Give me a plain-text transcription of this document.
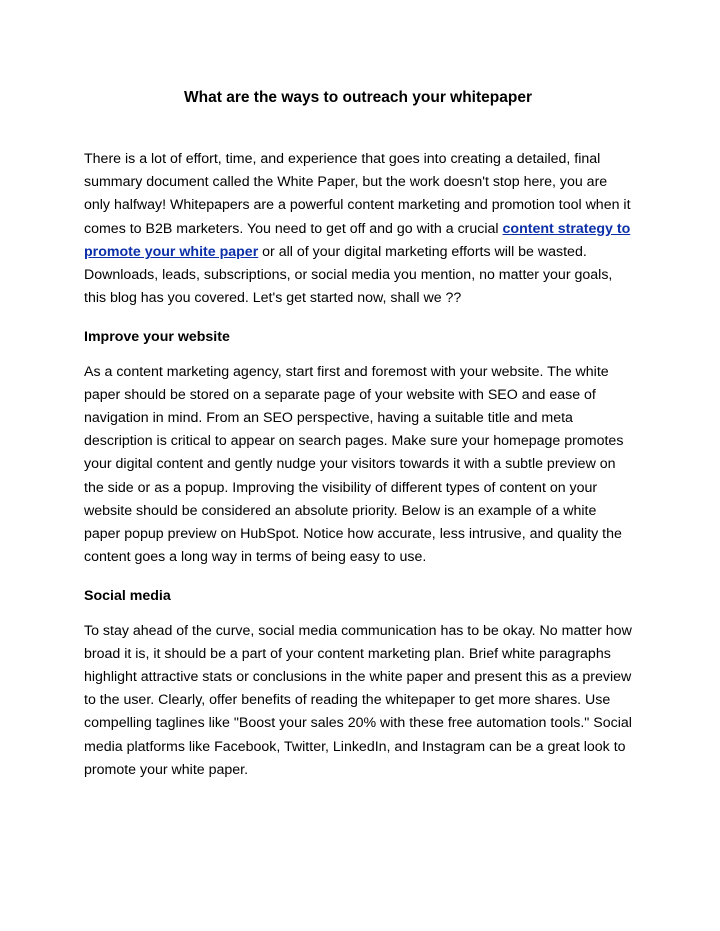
What are the ways to outreach your whitepaper

There is a lot of effort, time, and experience that goes into creating a detailed, final summary document called the White Paper, but the work doesn't stop here, you are only halfway! Whitepapers are a powerful content marketing and promotion tool when it comes to B2B marketers. You need to get off and go with a crucial content strategy to promote your white paper or all of your digital marketing efforts will be wasted. Downloads, leads, subscriptions, or social media you mention, no matter your goals, this blog has you covered. Let's get started now, shall we ??

Improve your website

As a content marketing agency, start first and foremost with your website. The white paper should be stored on a separate page of your website with SEO and ease of navigation in mind. From an SEO perspective, having a suitable title and meta description is critical to appear on search pages. Make sure your homepage promotes your digital content and gently nudge your visitors towards it with a subtle preview on the side or as a popup. Improving the visibility of different types of content on your website should be considered an absolute priority. Below is an example of a white paper popup preview on HubSpot. Notice how accurate, less intrusive, and quality the content goes a long way in terms of being easy to use.

Social media

To stay ahead of the curve, social media communication has to be okay. No matter how broad it is, it should be a part of your content marketing plan. Brief white paragraphs highlight attractive stats or conclusions in the white paper and present this as a preview to the user. Clearly, offer benefits of reading the whitepaper to get more shares. Use compelling taglines like "Boost your sales 20% with these free automation tools." Social media platforms like Facebook, Twitter, LinkedIn, and Instagram can be a great look to promote your white paper.
